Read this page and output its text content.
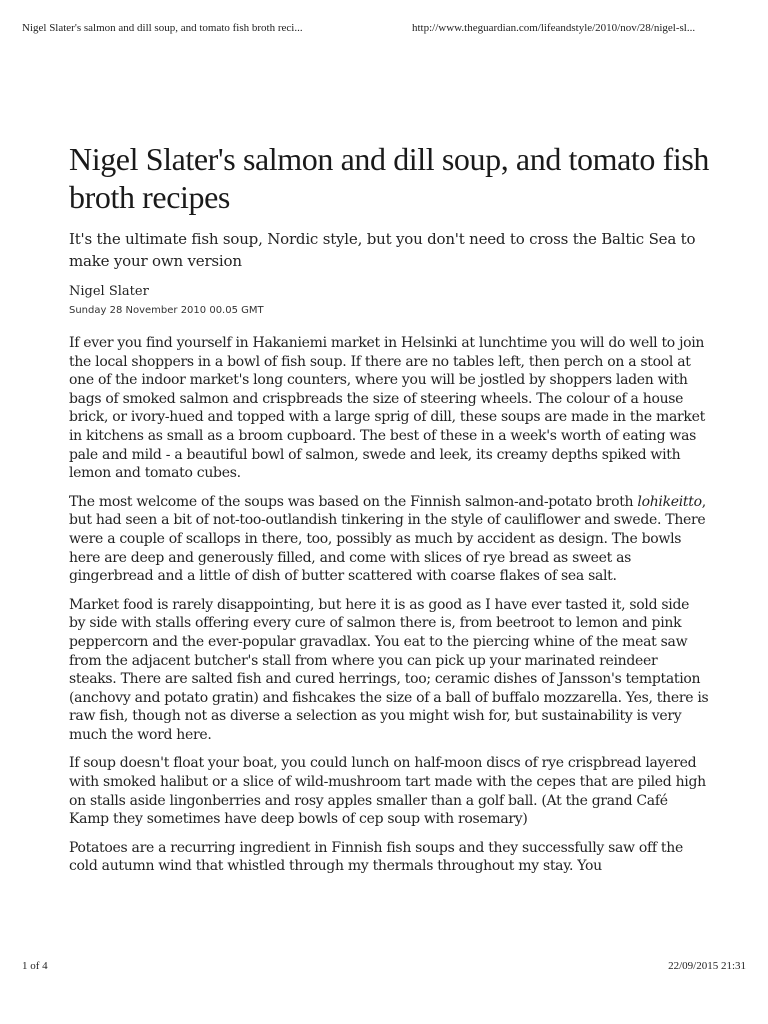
Nigel Slater's salmon and dill soup, and tomato fish broth reci...	http://www.theguardian.com/lifeandstyle/2010/nov/28/nigel-sl...
Nigel Slater's salmon and dill soup, and tomato fish broth recipes

It's the ultimate fish soup, Nordic style, but you don't need to cross the Baltic Sea to make your own version

Nigel Slater
Sunday 28 November 2010 00.05 GMT

If ever you find yourself in Hakaniemi market in Helsinki at lunchtime you will do well to join the local shoppers in a bowl of fish soup. If there are no tables left, then perch on a stool at one of the indoor market's long counters, where you will be jostled by shoppers laden with bags of smoked salmon and crispbreads the size of steering wheels. The colour of a house brick, or ivory-hued and topped with a large sprig of dill, these soups are made in the market in kitchens as small as a broom cupboard. The best of these in a week's worth of eating was pale and mild - a beautiful bowl of salmon, swede and leek, its creamy depths spiked with lemon and tomato cubes.

The most welcome of the soups was based on the Finnish salmon-and-potato broth lohikeitto, but had seen a bit of not-too-outlandish tinkering in the style of cauliflower and swede. There were a couple of scallops in there, too, possibly as much by accident as design. The bowls here are deep and generously filled, and come with slices of rye bread as sweet as gingerbread and a little of dish of butter scattered with coarse flakes of sea salt.

Market food is rarely disappointing, but here it is as good as I have ever tasted it, sold side by side with stalls offering every cure of salmon there is, from beetroot to lemon and pink peppercorn and the ever-popular gravadlax. You eat to the piercing whine of the meat saw from the adjacent butcher's stall from where you can pick up your marinated reindeer steaks. There are salted fish and cured herrings, too; ceramic dishes of Jansson's temptation (anchovy and potato gratin) and fishcakes the size of a ball of buffalo mozzarella. Yes, there is raw fish, though not as diverse a selection as you might wish for, but sustainability is very much the word here.

If soup doesn't float your boat, you could lunch on half-moon discs of rye crispbread layered with smoked halibut or a slice of wild-mushroom tart made with the cepes that are piled high on stalls aside lingonberries and rosy apples smaller than a golf ball. (At the grand Café Kamp they sometimes have deep bowls of cep soup with rosemary)

Potatoes are a recurring ingredient in Finnish fish soups and they successfully saw off the cold autumn wind that whistled through my thermals throughout my stay. You

1 of 4	22/09/2015 21:31
